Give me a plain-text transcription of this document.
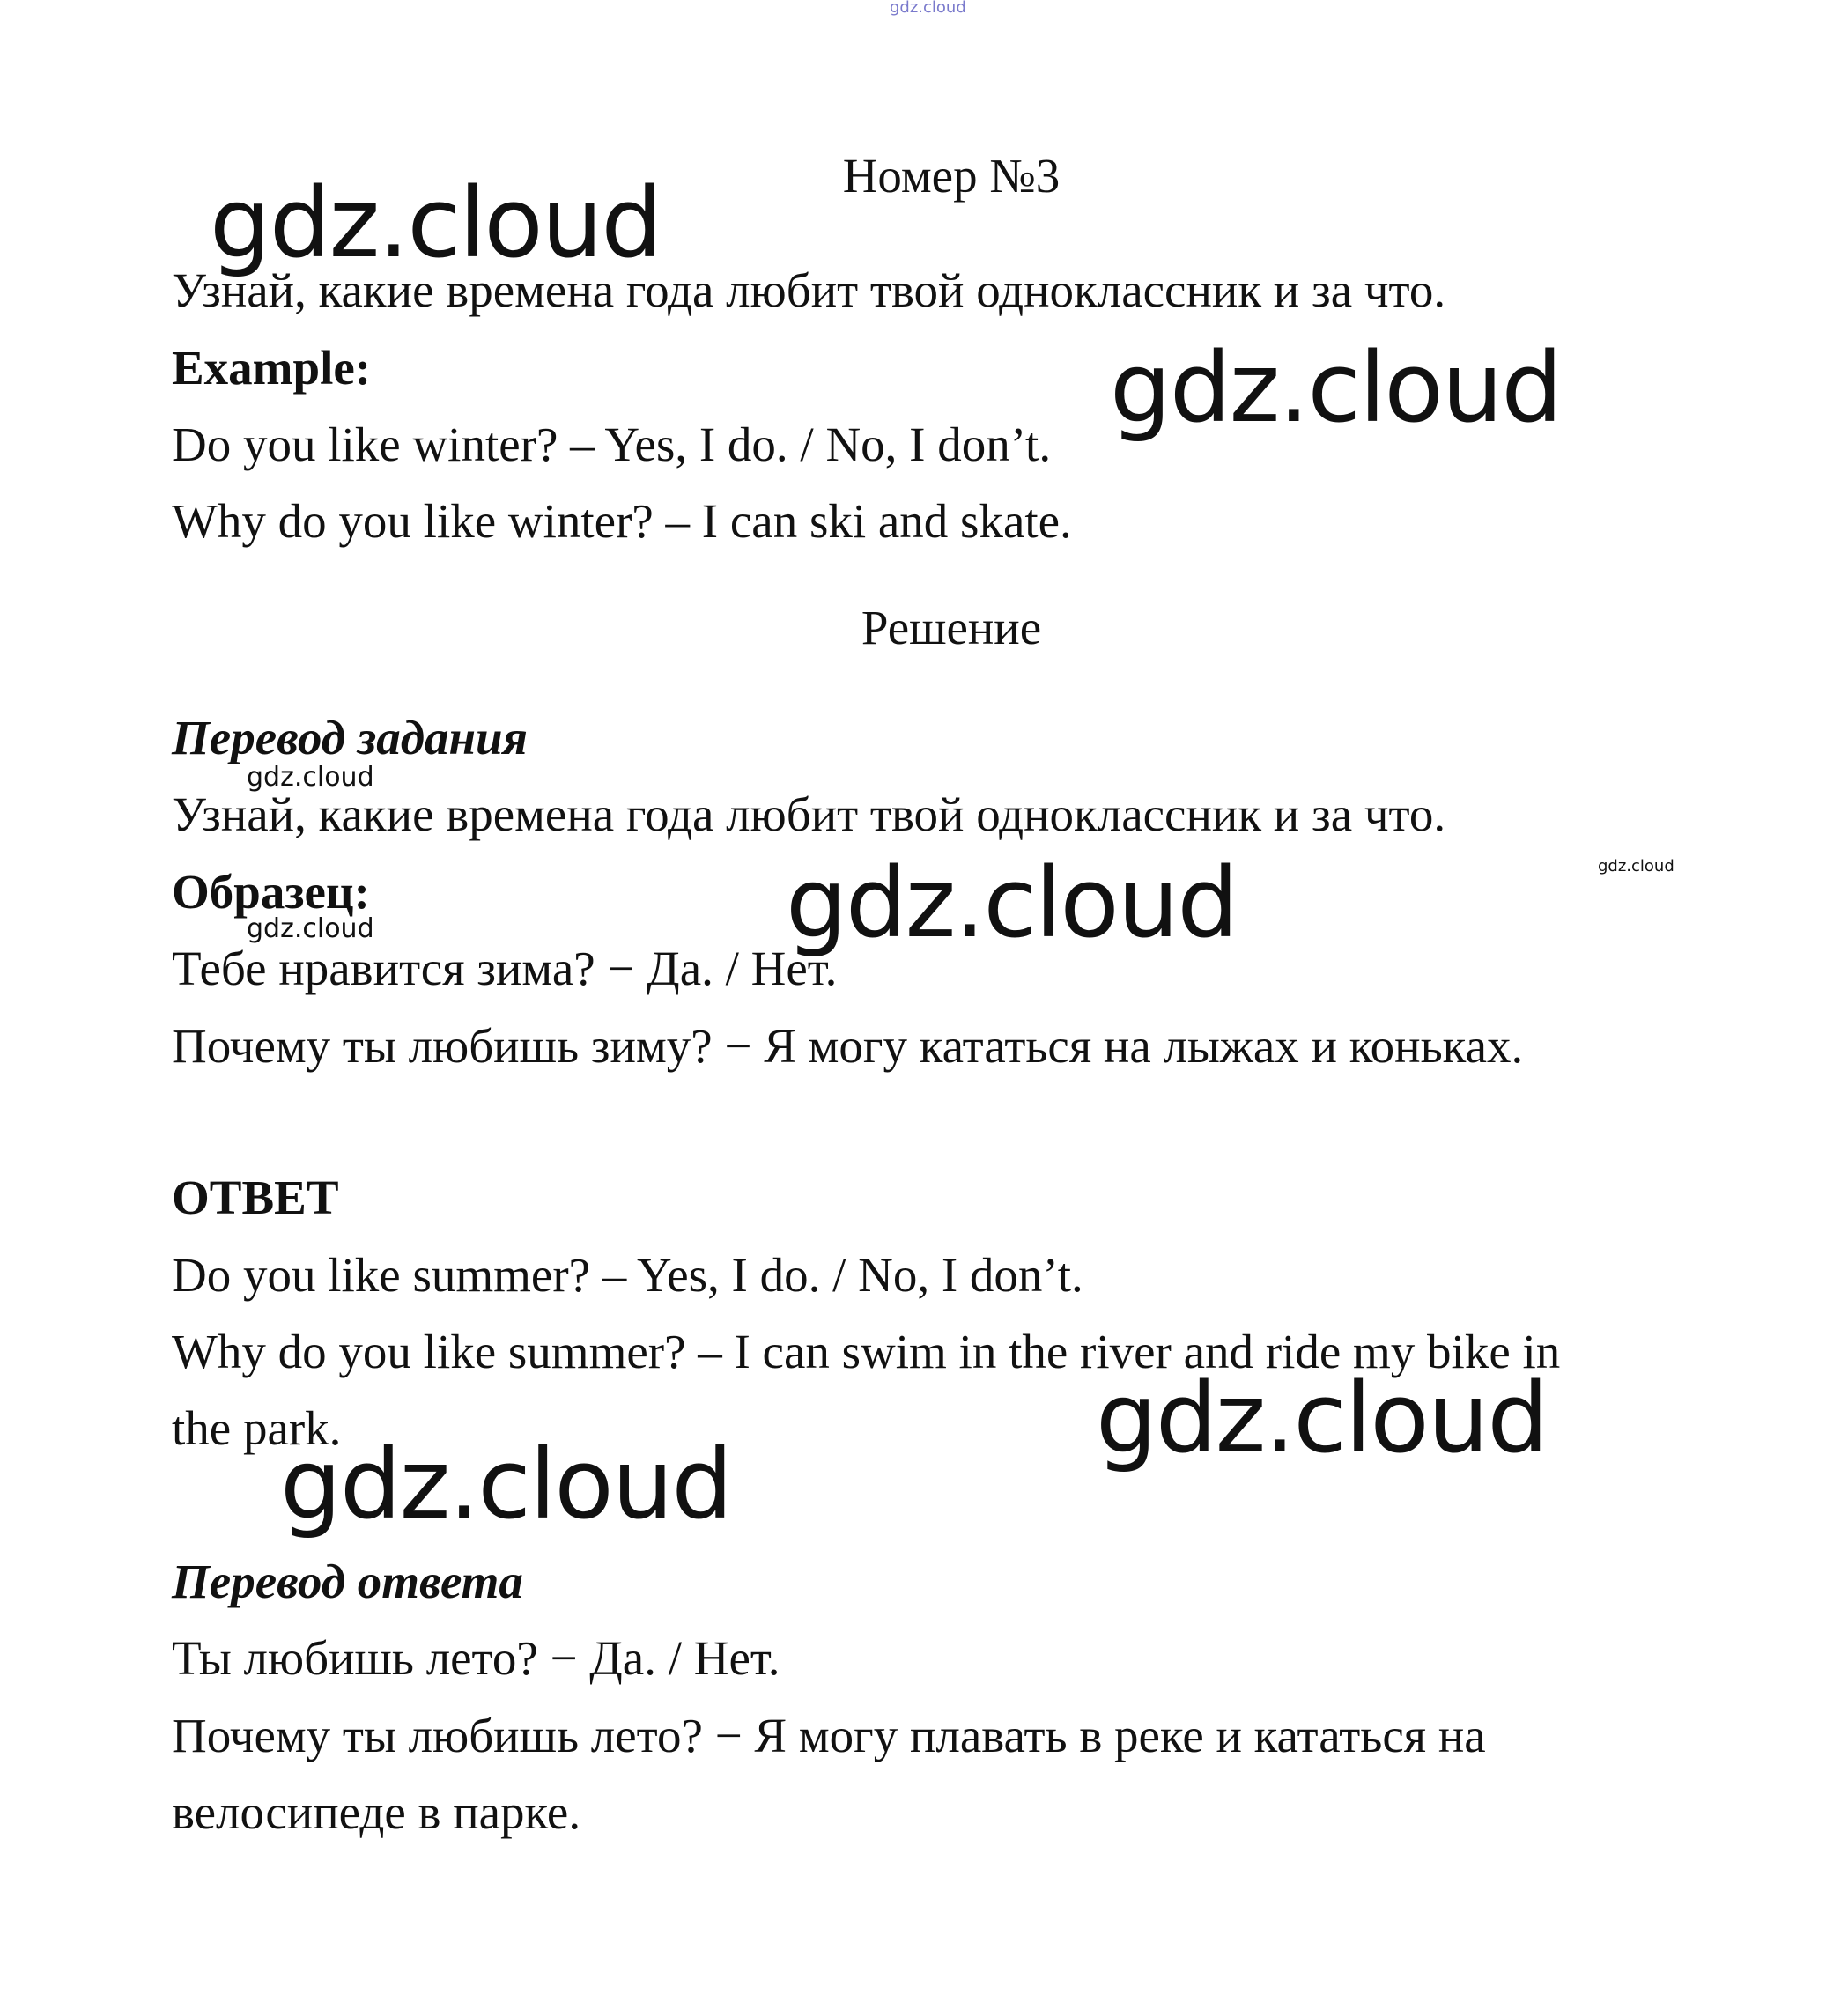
Номер №3
Узнай, какие времена года любит твой одноклассник и за что.
Example:
Do you like winter? – Yes, I do. / No, I don’t.
Why do you like winter? – I can ski and skate.
Решение
Перевод задания
Узнай, какие времена года любит твой одноклассник и за что.
Образец:
Тебе нравится зима? − Да. / Нет.
Почему ты любишь зиму? − Я могу кататься на лыжах и коньках.
ОТВЕТ
Do you like summer? – Yes, I do. / No, I don’t.
Why do you like summer? – I can swim in the river and ride my bike in
the park.
Перевод ответа
Ты любишь лето? − Да. / Нет.
Почему ты любишь лето? − Я могу плавать в реке и кататься на
велосипеде в парке.
gdz.cloud
gdz.cloud
gdz.cloud
gdz.cloud
gdz.cloud
gdz.cloud
gdz.cloud
gdz.cloud
gdz.cloud
